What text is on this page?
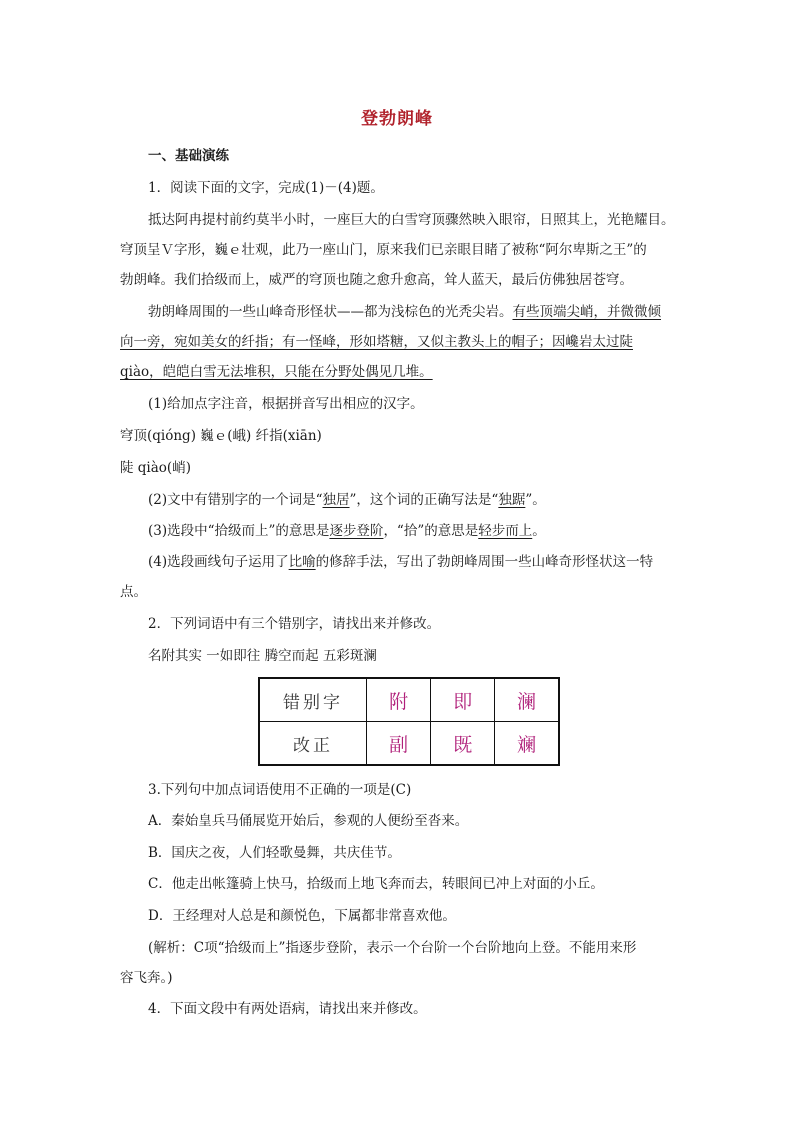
登勃朗峰
一、基础演练
1．阅读下面的文字，完成(1)－(4)题。
抵达阿冉提村前约莫半小时，一座巨大的白雪穹顶骤然映入眼帘，日照其上，光艳耀目。
穹顶呈Ｖ字形，巍ｅ壮观，此乃一座山门，原来我们已亲眼目睹了被称“阿尔卑斯之王”的
勃朗峰。我们拾级而上，威严的穹顶也随之愈升愈高，耸人蓝天，最后仿佛独居苍穹。
勃朗峰周围的一些山峰奇形怪状——都为浅棕色的光秃尖岩。有些顶端尖峭，并微微倾
向一旁，宛如美女的纤指；有一怪峰，形如塔糖，又似主教头上的帽子；因巉岩太过陡
qiào，皑皑白雪无法堆积，只能在分野处偶见几堆。
(1)给加点字注音，根据拼音写出相应的汉字。
穹顶(qióng) 巍ｅ(峨) 纤指(xiān)
陡 qiào(峭)
(2)文中有错别字的一个词是“独居”，这个词的正确写法是“独踞”。
(3)选段中“拾级而上”的意思是逐步登阶，“拾”的意思是轻步而上。
(4)选段画线句子运用了比喻的修辞手法，写出了勃朗峰周围一些山峰奇形怪状这一特
点。
2．下列词语中有三个错别字，请找出来并修改。
名附其实 一如即往 腾空而起 五彩斑澜
错别字	附	即	澜
改正	副	既	斓
3.下列句中加点词语使用不正确的一项是(C)
A．秦始皇兵马俑展览开始后，参观的人便纷至沓来。
B．国庆之夜，人们轻歌曼舞，共庆佳节。
C．他走出帐篷骑上快马，拾级而上地飞奔而去，转眼间已冲上对面的小丘。
D．王经理对人总是和颜悦色，下属都非常喜欢他。
(解析：C项“拾级而上”指逐步登阶，表示一个台阶一个台阶地向上登。不能用来形
容飞奔。)
4．下面文段中有两处语病，请找出来并修改。
